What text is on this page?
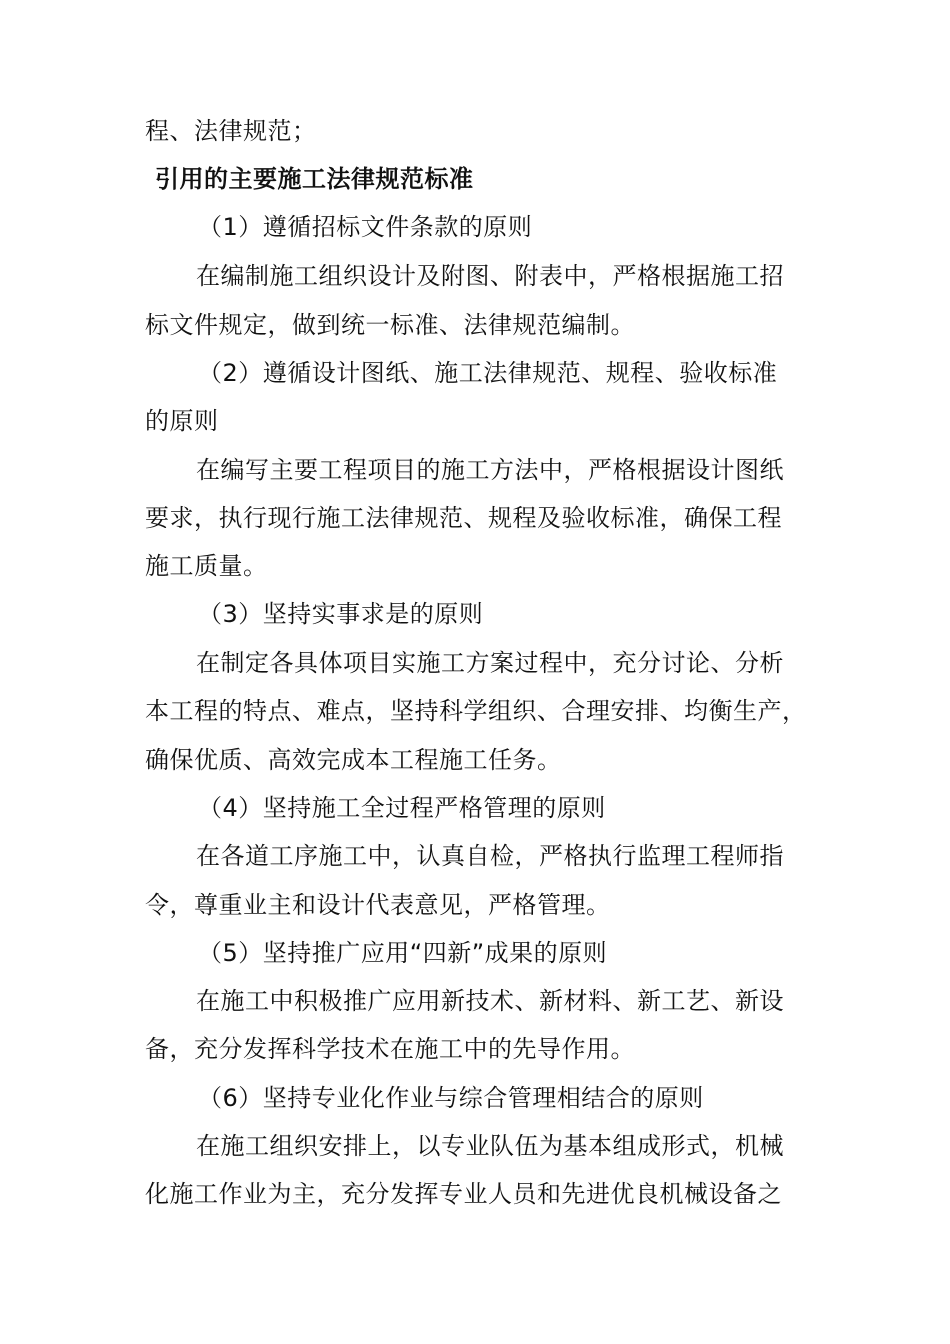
程、法律规范；
引用的主要施工法律规范标准
（1）遵循招标文件条款的原则
在编制施工组织设计及附图、附表中，严格根据施工招
标文件规定，做到统一标准、法律规范编制。
（2）遵循设计图纸、施工法律规范、规程、验收标准
的原则
在编写主要工程项目的施工方法中，严格根据设计图纸
要求，执行现行施工法律规范、规程及验收标准，确保工程
施工质量。
（3）坚持实事求是的原则
在制定各具体项目实施工方案过程中，充分讨论、分析
本工程的特点、难点，坚持科学组织、合理安排、均衡生产，
确保优质、高效完成本工程施工任务。
（4）坚持施工全过程严格管理的原则
在各道工序施工中，认真自检，严格执行监理工程师指
令，尊重业主和设计代表意见，严格管理。
（5）坚持推广应用“四新”成果的原则
在施工中积极推广应用新技术、新材料、新工艺、新设
备，充分发挥科学技术在施工中的先导作用。
（6）坚持专业化作业与综合管理相结合的原则
在施工组织安排上，以专业队伍为基本组成形式，机械
化施工作业为主，充分发挥专业人员和先进优良机械设备之
